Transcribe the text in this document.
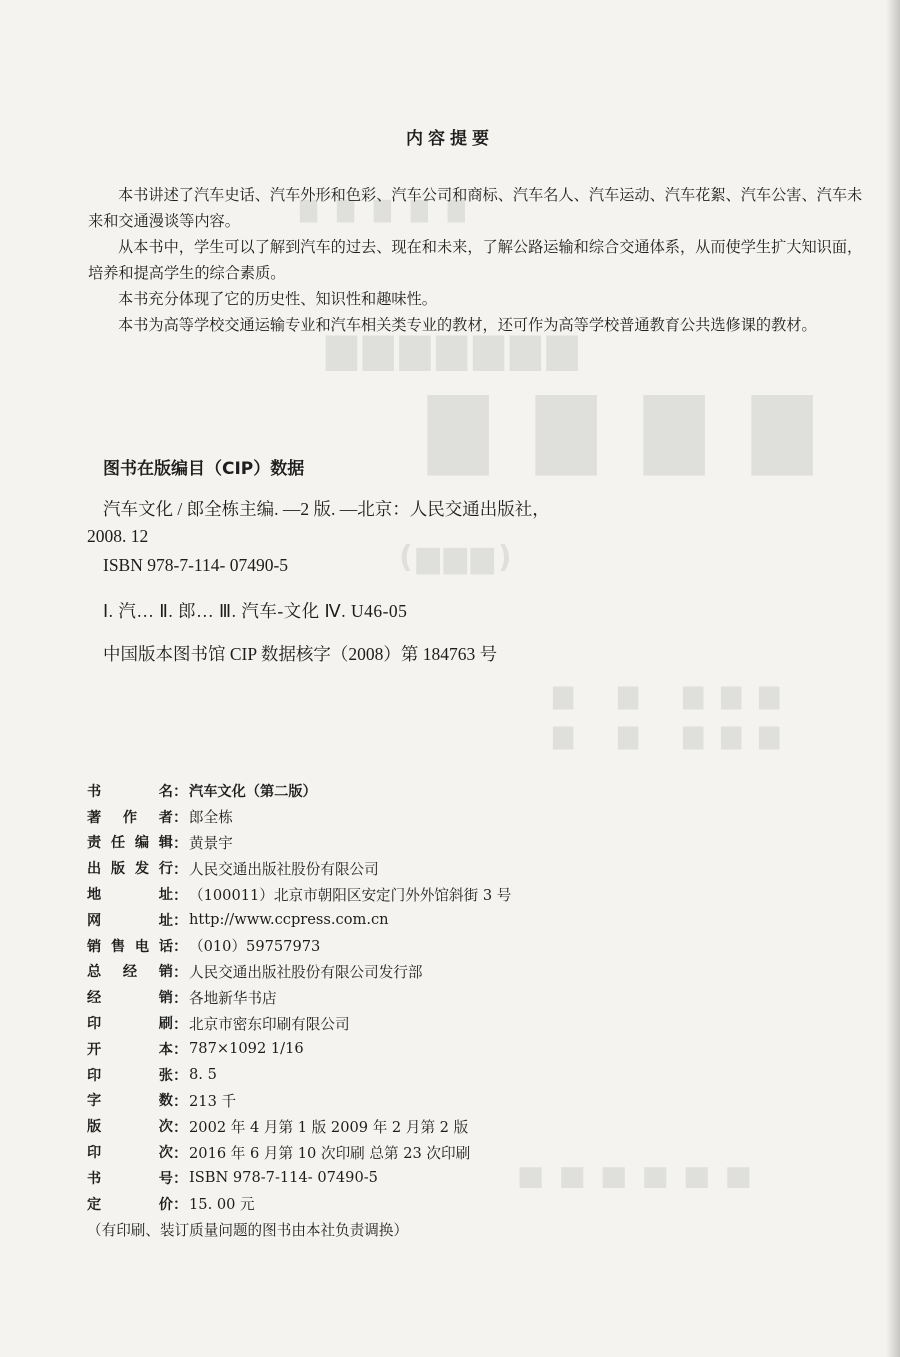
▇▇▇▇▇
▆▆▆▆▆▆▆
▇▇▇▇
(▆▆▆)
▆▆▆ ▆ ▆
▆▆▆ ▆ ▆
▅▅▅▅▅▅
内容提要

本书讲述了汽车史话、汽车外形和色彩、汽车公司和商标、汽车名人、汽车运动、汽车花絮、汽车公害、汽车未来和交通漫谈等内容。

从本书中，学生可以了解到汽车的过去、现在和未来，了解公路运输和综合交通体系，从而使学生扩大知识面，培养和提高学生的综合素质。

本书充分体现了它的历史性、知识性和趣味性。

本书为高等学校交通运输专业和汽车相关类专业的教材，还可作为高等学校普通教育公共选修课的教材。

图书在版编目（CIP）数据
汽车文化 / 郎全栋主编. —2 版. —北京：人民交通出版社，
2008. 12
ISBN 978-7-114- 07490-5
Ⅰ. 汽… Ⅱ. 郎… Ⅲ. 汽车-文化 Ⅳ. U46-05
中国版本图书馆 CIP 数据核字（2008）第 184763 号
书	名 ： 汽车文化（第二版）
著 作 者 ： 郎全栋
责 任 编 辑 ： 黄景宇
出 版 发 行 ： 人民交通出版社股份有限公司
地	址 ： （100011）北京市朝阳区安定门外外馆斜街 3 号
网	址 ： http://www.ccpress.com.cn
销 售 电 话 ： （010）59757973
总 经 销 ： 人民交通出版社股份有限公司发行部
经	销 ： 各地新华书店
印	刷 ： 北京市密东印刷有限公司
开	本 ： 787×1092 1/16
印	张 ： 8. 5
字	数 ： 213 千
版	次 ： 2002 年 4 月第 1 版 2009 年 2 月第 2 版
印	次 ： 2016 年 6 月第 10 次印刷 总第 23 次印刷
书	号 ： ISBN 978-7-114- 07490-5
定	价 ： 15. 00 元
（有印刷、装订质量问题的图书由本社负责调换）
